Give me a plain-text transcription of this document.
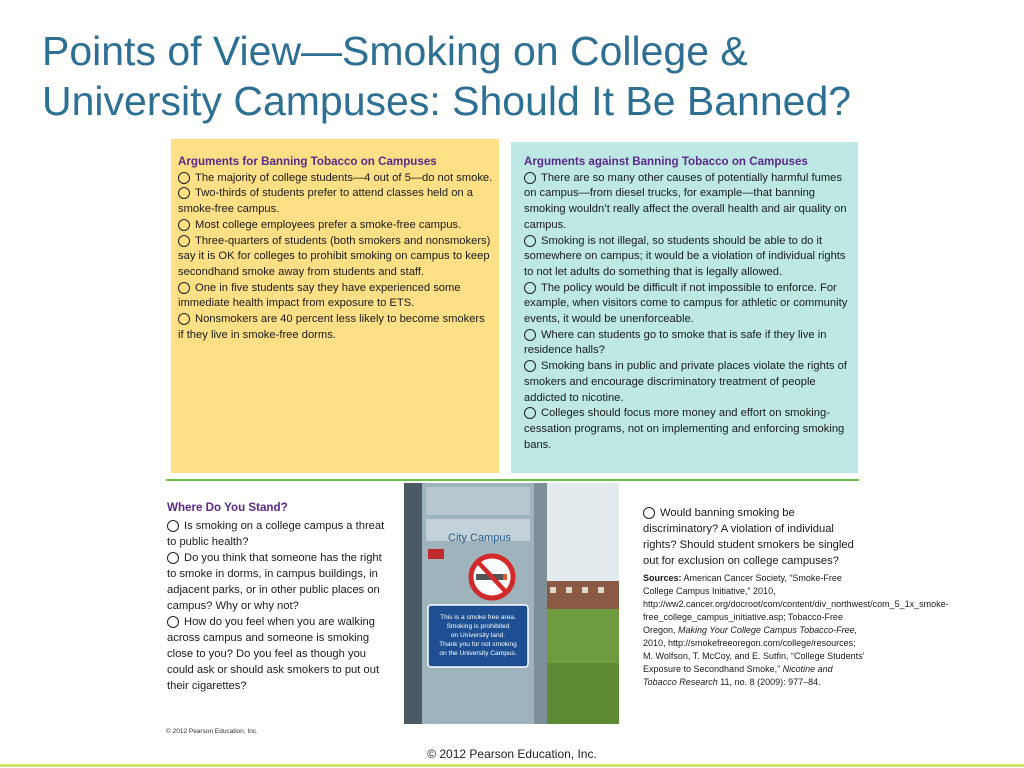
Points of View—Smoking on College &
University Campuses: Should It Be Banned?
Arguments for Banning Tobacco on Campuses
The majority of college students—4 out of 5—do not smoke.
Two-thirds of students prefer to attend classes held on a smoke-free campus.
Most college employees prefer a smoke-free campus.
Three-quarters of students (both smokers and nonsmokers) say it is OK for colleges to prohibit smoking on campus to keep secondhand smoke away from students and staff.
One in five students say they have experienced some immediate health impact from exposure to ETS.
Nonsmokers are 40 percent less likely to become smokers if they live in smoke-free dorms.
Arguments against Banning Tobacco on Campuses
There are so many other causes of potentially harmful fumes on campus—from diesel trucks, for example—that banning smoking wouldn’t really affect the overall health and air quality on campus.
Smoking is not illegal, so students should be able to do it somewhere on campus; it would be a violation of individual rights to not let adults do something that is legally allowed.
The policy would be difficult if not impossible to enforce. For example, when visitors come to campus for athletic or community events, it would be unenforceable.
Where can students go to smoke that is safe if they live in residence halls?
Smoking bans in public and private places violate the rights of smokers and encourage discriminatory treatment of people addicted to nicotine.
Colleges should focus more money and effort on smoking-cessation programs, not on implementing and enforcing smoking bans.
Where Do You Stand?
Is smoking on a college campus a threat to public health?
Do you think that someone has the right to smoke in dorms, in campus buildings, in adjacent parks, or in other public places on campus? Why or why not?
How do you feel when you are walking across campus and someone is smoking close to you? Do you feel as though you could ask or should ask smokers to put out their cigarettes?
City Campus
This is a smoke free area.
Smoking is prohibited
on University land.
Thank you for not smoking
on the University Campus.
Would banning smoking be discriminatory? A violation of individual rights? Should student smokers be singled out for exclusion on college campuses?
Sources: American Cancer Society, “Smoke-Free College Campus Initiative,” 2010, http://ww2.cancer.org/docroot/com/content/div_northwest/com_5_1x_smoke-free_college_campus_initiative.asp; Tobacco-Free Oregon, Making Your College Campus Tobacco-Free, 2010, http://smokefreeoregon.com/college/resources; M. Wolfson, T. McCoy, and E. Sutfin, “College Students’ Exposure to Secondhand Smoke,” Nicotine and Tobacco Research 11, no. 8 (2009): 977–84.
© 2012 Pearson Education, Inc.
© 2012 Pearson Education, Inc.
